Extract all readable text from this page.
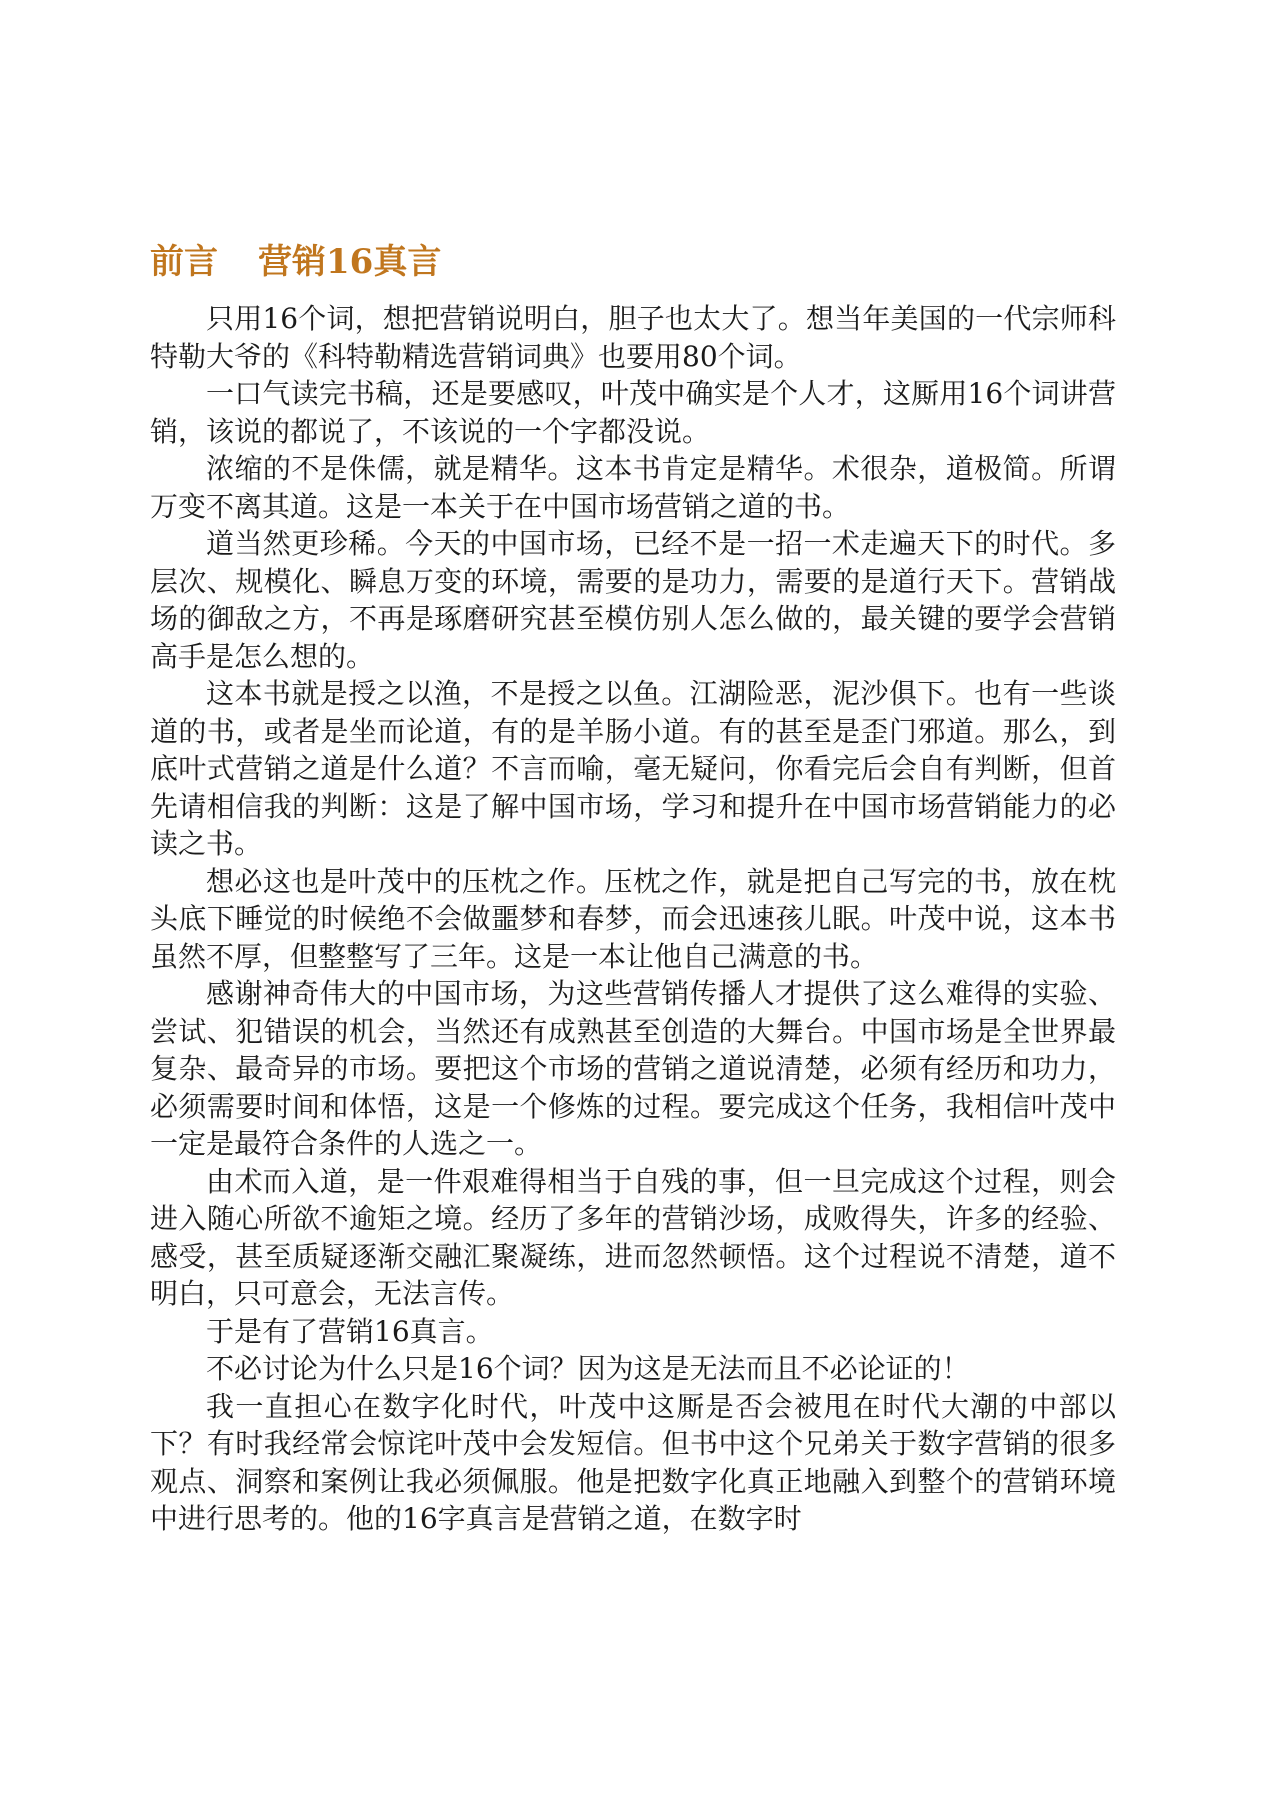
前言 营销16真言

只用16个词，想把营销说明白，胆子也太大了。想当年美国的一代宗师科特勒大爷的《科特勒精选营销词典》也要用80个词。

一口气读完书稿，还是要感叹，叶茂中确实是个人才，这厮用16个词讲营销，该说的都说了，不该说的一个字都没说。

浓缩的不是侏儒，就是精华。这本书肯定是精华。术很杂，道极简。所谓万变不离其道。这是一本关于在中国市场营销之道的书。

道当然更珍稀。今天的中国市场，已经不是一招一术走遍天下的时代。多层次、规模化、瞬息万变的环境，需要的是功力，需要的是道行天下。营销战场的御敌之方，不再是琢磨研究甚至模仿别人怎么做的，最关键的要学会营销高手是怎么想的。

这本书就是授之以渔，不是授之以鱼。江湖险恶，泥沙俱下。也有一些谈道的书，或者是坐而论道，有的是羊肠小道。有的甚至是歪门邪道。那么，到底叶式营销之道是什么道？不言而喻，毫无疑问，你看完后会自有判断，但首先请相信我的判断：这是了解中国市场，学习和提升在中国市场营销能力的必读之书。

想必这也是叶茂中的压枕之作。压枕之作，就是把自己写完的书，放在枕头底下睡觉的时候绝不会做噩梦和春梦，而会迅速孩儿眠。叶茂中说，这本书虽然不厚，但整整写了三年。这是一本让他自己满意的书。

感谢神奇伟大的中国市场，为这些营销传播人才提供了这么难得的实验、尝试、犯错误的机会，当然还有成熟甚至创造的大舞台。中国市场是全世界最复杂、最奇异的市场。要把这个市场的营销之道说清楚，必须有经历和功力，必须需要时间和体悟，这是一个修炼的过程。要完成这个任务，我相信叶茂中一定是最符合条件的人选之一。

由术而入道，是一件艰难得相当于自残的事，但一旦完成这个过程，则会进入随心所欲不逾矩之境。经历了多年的营销沙场，成败得失，许多的经验、感受，甚至质疑逐渐交融汇聚凝练，进而忽然顿悟。这个过程说不清楚，道不明白，只可意会，无法言传。

于是有了营销16真言。

不必讨论为什么只是16个词？因为这是无法而且不必论证的！

我一直担心在数字化时代，叶茂中这厮是否会被甩在时代大潮的中部以下？有时我经常会惊诧叶茂中会发短信。但书中这个兄弟关于数字营销的很多观点、洞察和案例让我必须佩服。他是把数字化真正地融入到整个的营销环境中进行思考的。他的16字真言是营销之道，在数字时
